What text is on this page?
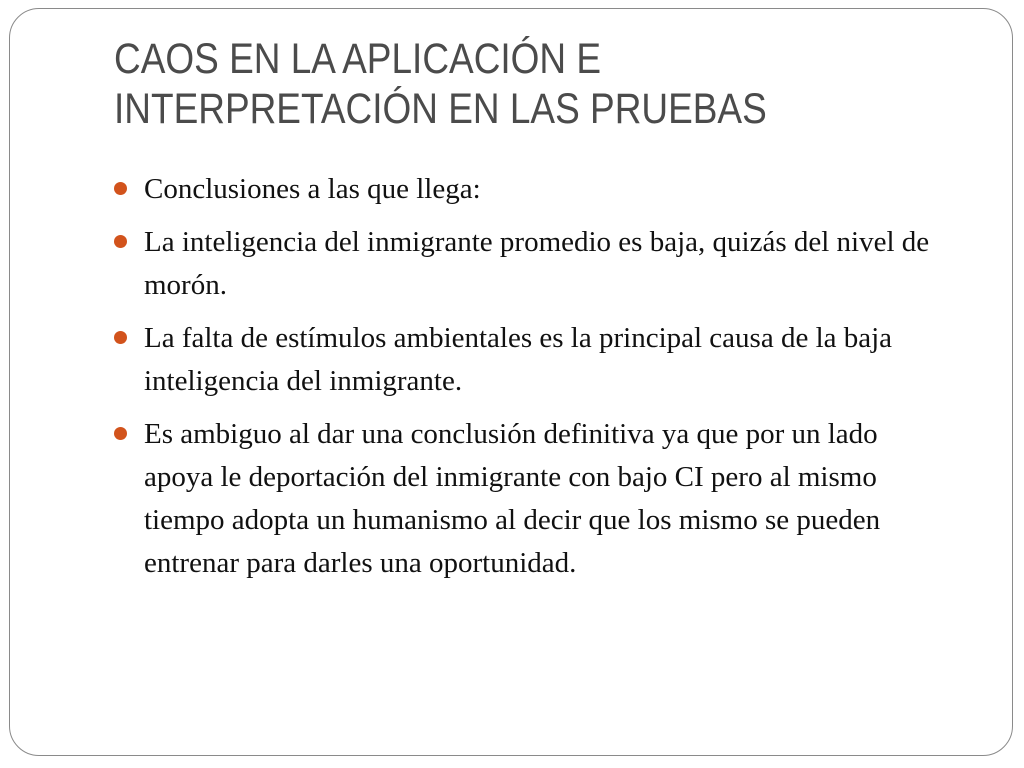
CAOS EN LA APLICACIÓN E
INTERPRETACIÓN EN LAS PRUEBAS
Conclusiones a las que llega:
La inteligencia del inmigrante promedio es baja, quizás del nivel de morón.
La falta de estímulos ambientales es la principal causa de la baja inteligencia del inmigrante.
Es ambiguo al dar una conclusión definitiva ya que por un lado apoya le deportación del inmigrante con bajo CI pero al mismo tiempo adopta un humanismo al decir que los mismo se pueden entrenar para darles una oportunidad.
